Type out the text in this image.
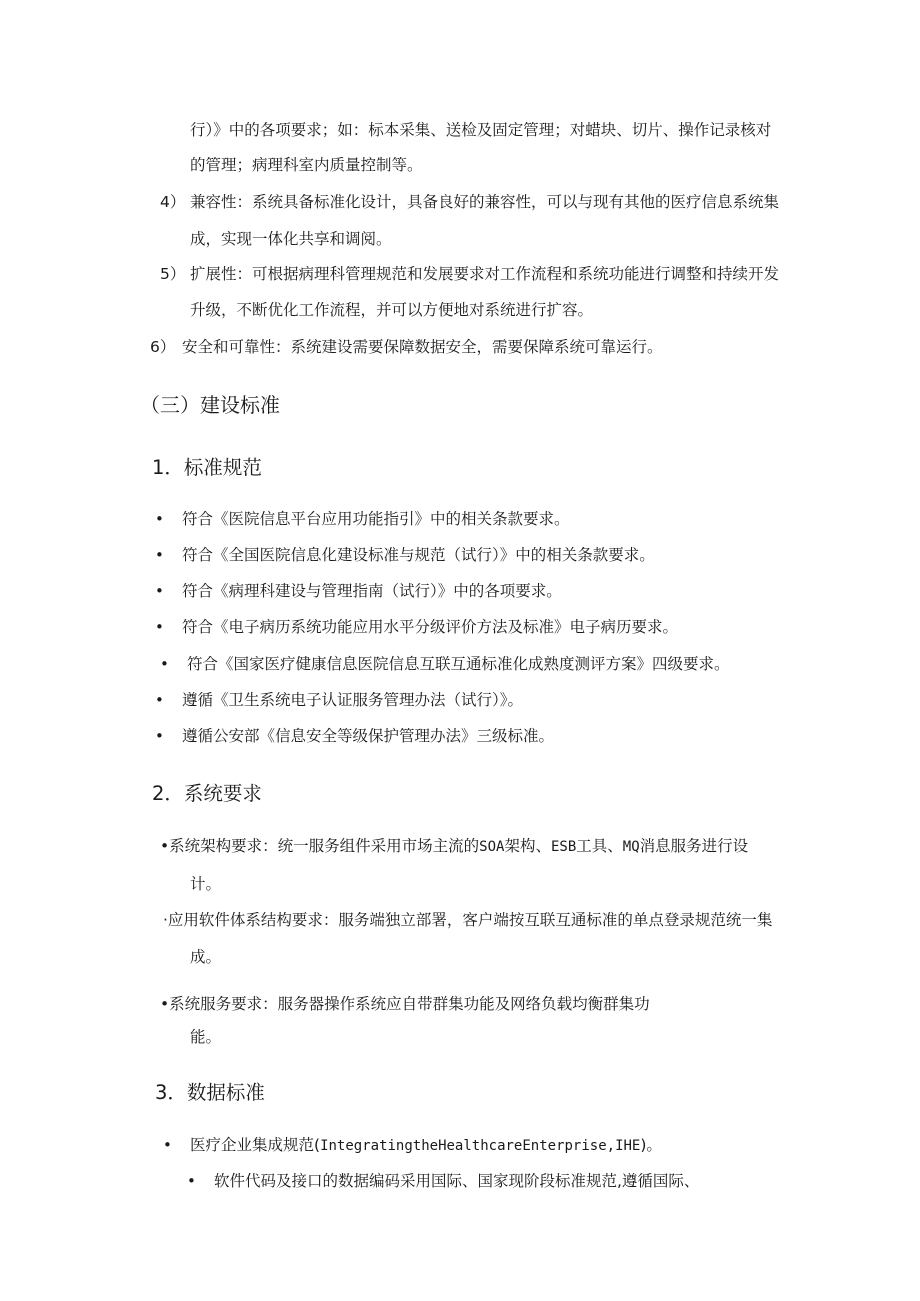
行）》中的各项要求；如：标本采集、送检及固定管理；对蜡块、切片、操作记录核对
的管理；病理科室内质量控制等。
4） 兼容性：系统具备标准化设计，具备良好的兼容性，可以与现有其他的医疗信息系统集
成，实现一体化共享和调阅。
5） 扩展性：可根据病理科管理规范和发展要求对工作流程和系统功能进行调整和持续开发
升级，不断优化工作流程，并可以方便地对系统进行扩容。
6） 安全和可靠性：系统建设需要保障数据安全，需要保障系统可靠运行。
（三）建设标准
1．标准规范
• 符合《医院信息平台应用功能指引》中的相关条款要求。
• 符合《全国医院信息化建设标准与规范（试行）》中的相关条款要求。
• 符合《病理科建设与管理指南（试行）》中的各项要求。
• 符合《电子病历系统功能应用水平分级评价方法及标准》电子病历要求。
• 符合《国家医疗健康信息医院信息互联互通标准化成熟度测评方案》四级要求。
• 遵循《卫生系统电子认证服务管理办法（试行）》。
• 遵循公安部《信息安全等级保护管理办法》三级标准。
2．系统要求
•系统架构要求：统一服务组件采用市场主流的SOA架构、ESB工具、MQ消息服务进行设
计。
·应用软件体系结构要求：服务端独立部署，客户端按互联互通标准的单点登录规范统一集
成。
•系统服务要求：服务器操作系统应自带群集功能及网络负载均衡群集功
能。
3．数据标准
• 医疗企业集成规范(IntegratingtheHealthcareEnterprise,IHE)。
• 软件代码及接口的数据编码采用国际、国家现阶段标准规范,遵循国际、
